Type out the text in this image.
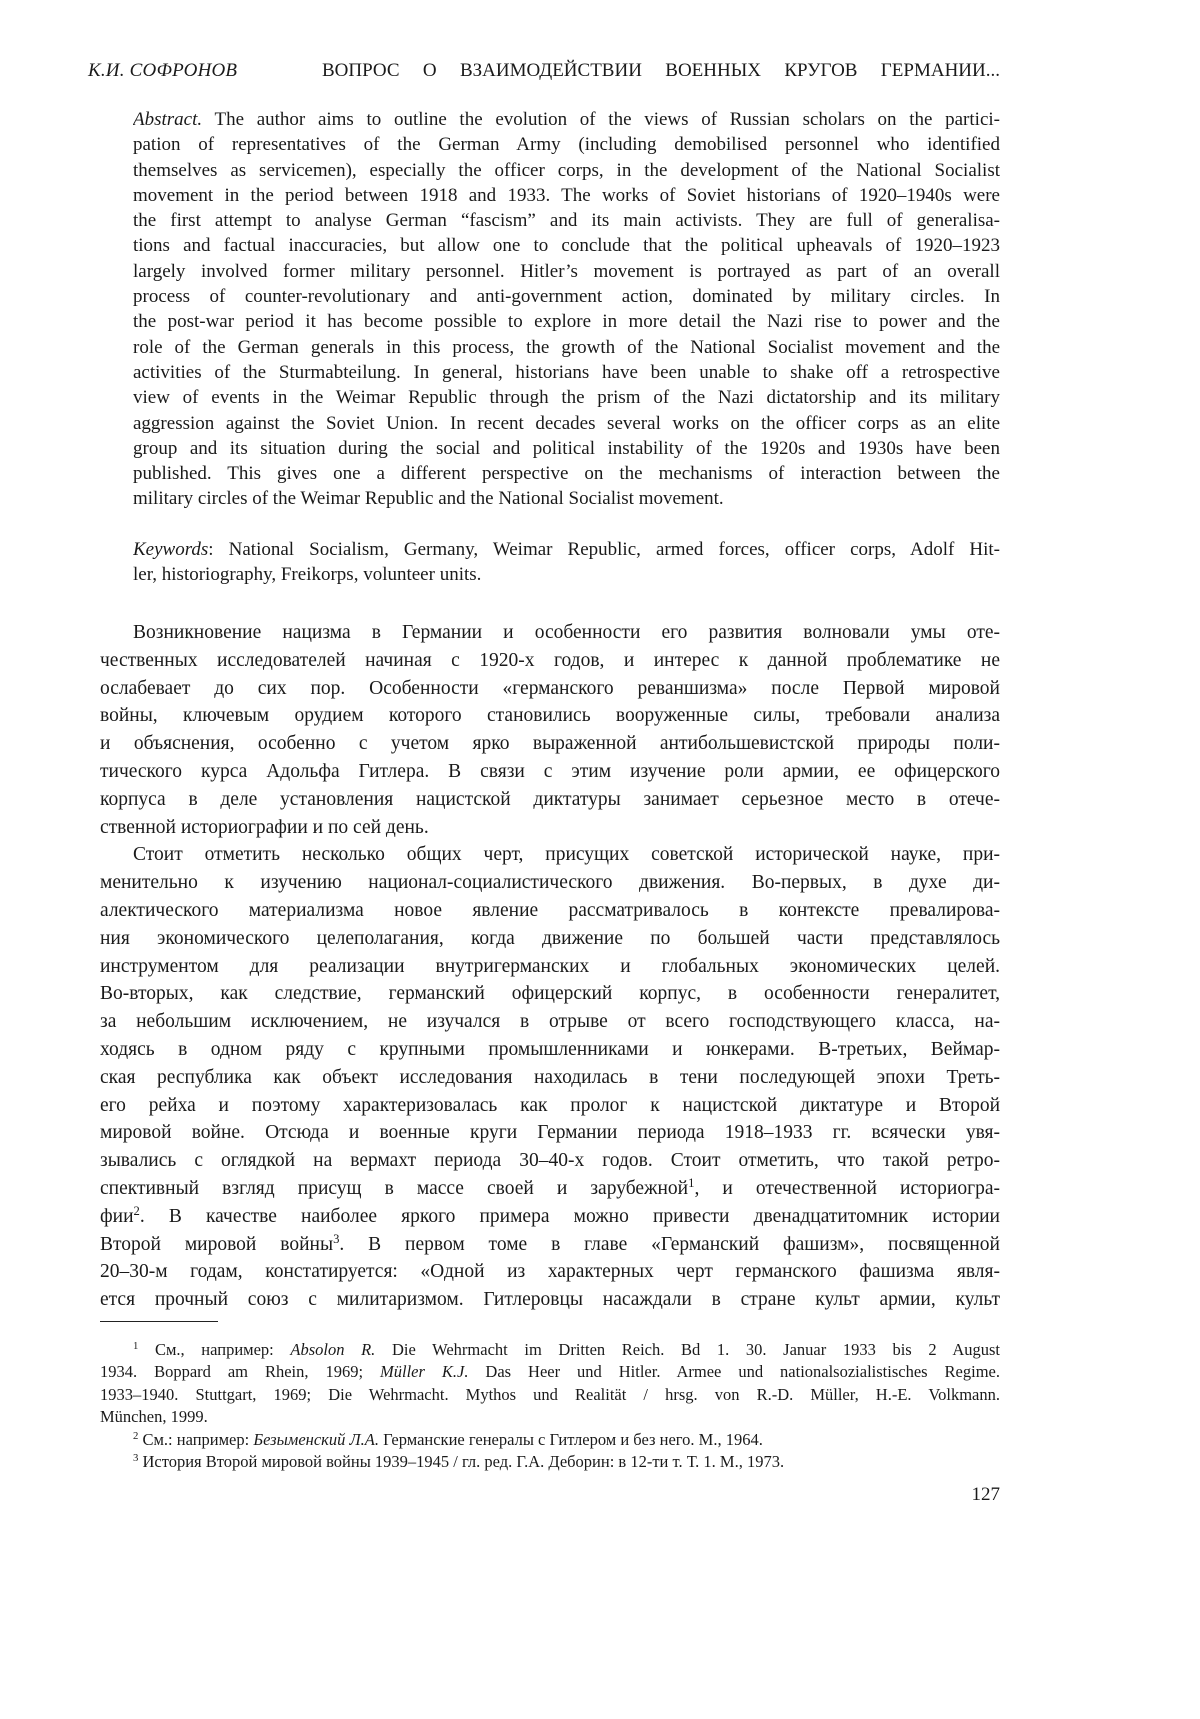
К.И. СОФРОНОВ	ВОПРОС О ВЗАИМОДЕЙСТВИИ ВОЕННЫХ КРУГОВ ГЕРМАНИИ...
Abstract. The author aims to outline the evolution of the views of Russian scholars on the partici-
pation of representatives of the German Army (including demobilised personnel who identified
themselves as servicemen), especially the officer corps, in the development of the National Socialist
movement in the period between 1918 and 1933. The works of Soviet historians of 1920–1940s were
the first attempt to analyse German “fascism” and its main activists. They are full of generalisa-
tions and factual inaccuracies, but allow one to conclude that the political upheavals of 1920–1923
largely involved former military personnel. Hitler’s movement is portrayed as part of an overall
process of counter-revolutionary and anti-government action, dominated by military circles. In
the post-war period it has become possible to explore in more detail the Nazi rise to power and the
role of the German generals in this process, the growth of the National Socialist movement and the
activities of the Sturmabteilung. In general, historians have been unable to shake off a retrospective
view of events in the Weimar Republic through the prism of the Nazi dictatorship and its military
aggression against the Soviet Union. In recent decades several works on the officer corps as an elite
group and its situation during the social and political instability of the 1920s and 1930s have been
published. This gives one a different perspective on the mechanisms of interaction between the
military circles of the Weimar Republic and the National Socialist movement.
Keywords: National Socialism, Germany, Weimar Republic, armed forces, officer corps, Adolf Hit-
ler, historiography, Freikorps, volunteer units.
Возникновение нацизма в Германии и особенности его развития волновали умы оте-
чественных исследователей начиная с 1920-х годов, и интерес к данной проблематике не
ослабевает до сих пор. Особенности «германского реваншизма» после Первой мировой
войны, ключевым орудием которого становились вооруженные силы, требовали анализа
и объяснения, особенно с учетом ярко выраженной антибольшевистской природы поли-
тического курса Адольфа Гитлера. В связи с этим изучение роли армии, ее офицерского
корпуса в деле установления нацистской диктатуры занимает серьезное место в отече-
ственной историографии и по сей день.
Стоит отметить несколько общих черт, присущих советской исторической науке, при-
менительно к изучению национал-социалистического движения. Во-первых, в духе ди-
алектического материализма новое явление рассматривалось в контексте превалирова-
ния экономического целеполагания, когда движение по большей части представлялось
инструментом для реализации внутригерманских и глобальных экономических целей.
Во-вторых, как следствие, германский офицерский корпус, в особенности генералитет,
за небольшим исключением, не изучался в отрыве от всего господствующего класса, на-
ходясь в одном ряду с крупными промышленниками и юнкерами. В-третьих, Веймар-
ская республика как объект исследования находилась в тени последующей эпохи Треть-
его рейха и поэтому характеризовалась как пролог к нацистской диктатуре и Второй
мировой войне. Отсюда и военные круги Германии периода 1918–1933 гг. всячески увя-
зывались с оглядкой на вермахт периода 30–40-х годов. Стоит отметить, что такой ретро-
спективный взгляд присущ в массе своей и зарубежной1, и отечественной историогра-
фии2. В качестве наиболее яркого примера можно привести двенадцатитомник истории
Второй мировой войны3. В первом томе в главе «Германский фашизм», посвященной
20–30-м годам, констатируется: «Одной из характерных черт германского фашизма явля-
ется прочный союз с милитаризмом. Гитлеровцы насаждали в стране культ армии, культ
1 См., например: Absolon R. Die Wehrmacht im Dritten Reich. Bd 1. 30. Januar 1933 bis 2 August
1934. Boppard am Rhein, 1969; Müller K.J. Das Heer und Hitler. Armee und nationalsozialistisches Regime.
1933–1940. Stuttgart, 1969; Die Wehrmacht. Mythos und Realität / hrsg. von R.-D. Müller, H.-E. Volkmann.
München, 1999.
2 См.: например: Безыменский Л.А. Германские генералы с Гитлером и без него. М., 1964.
3 История Второй мировой войны 1939–1945 / гл. ред. Г.А. Деборин: в 12-ти т. Т. 1. М., 1973.
127
